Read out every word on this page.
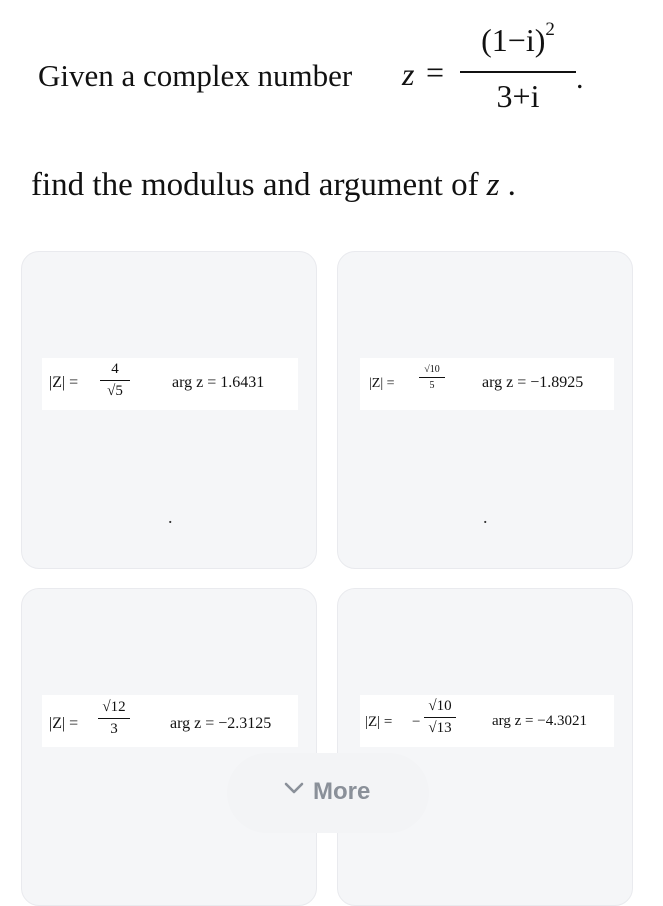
Given a complex number z =
$(1-i)^2$
3+i	.
find the modulus and argument of z .
|Z| =
4
√5	arg z = 1.6431
.
|Z| =
√10
5	arg z = −1.8925
.
|Z| =
√12
3	arg z = −2.3125	|Z| = −
√10
√13	arg z = −4.3021
More
